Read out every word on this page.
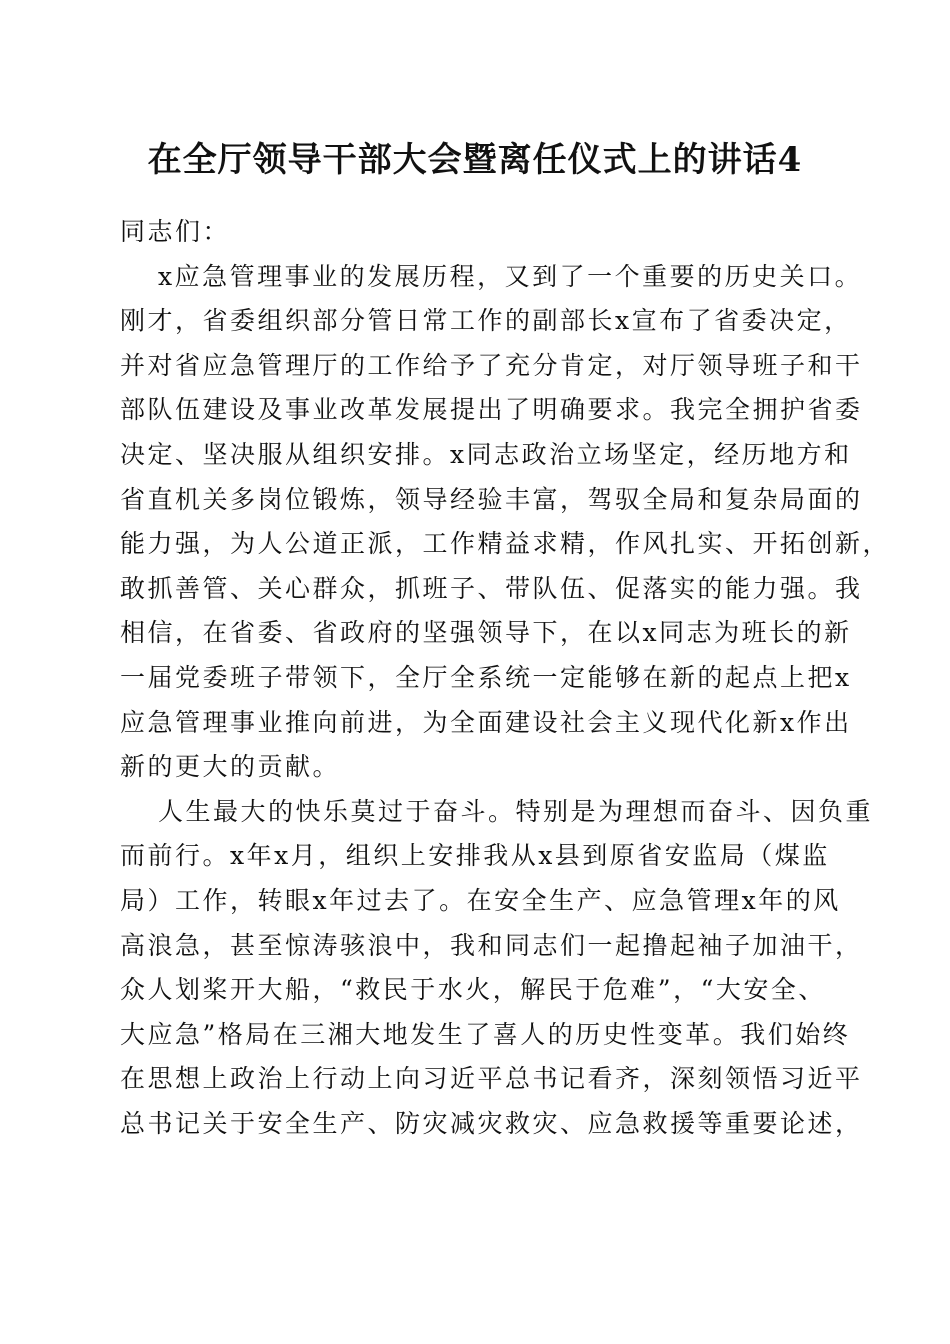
在全厅领导干部大会暨离任仪式上的讲话4
同志们：
x应急管理事业的发展历程，又到了一个重要的历史关口。
刚才，省委组织部分管日常工作的副部长x宣布了省委决定，
并对省应急管理厅的工作给予了充分肯定，对厅领导班子和干
部队伍建设及事业改革发展提出了明确要求。我完全拥护省委
决定、坚决服从组织安排。x同志政治立场坚定，经历地方和
省直机关多岗位锻炼，领导经验丰富，驾驭全局和复杂局面的
能力强，为人公道正派，工作精益求精，作风扎实、开拓创新，
敢抓善管、关心群众，抓班子、带队伍、促落实的能力强。我
相信，在省委、省政府的坚强领导下，在以x同志为班长的新
一届党委班子带领下，全厅全系统一定能够在新的起点上把x
应急管理事业推向前进，为全面建设社会主义现代化新x作出
新的更大的贡献。
人生最大的快乐莫过于奋斗。特别是为理想而奋斗、因负重
而前行。x年x月，组织上安排我从x县到原省安监局（煤监
局）工作，转眼x年过去了。在安全生产、应急管理x年的风
高浪急，甚至惊涛骇浪中，我和同志们一起撸起袖子加油干，
众人划桨开大船，“救民于水火，解民于危难”，“大安全、
大应急”格局在三湘大地发生了喜人的历史性变革。我们始终
在思想上政治上行动上向习近平总书记看齐，深刻领悟习近平
总书记关于安全生产、防灾减灾救灾、应急救援等重要论述，
